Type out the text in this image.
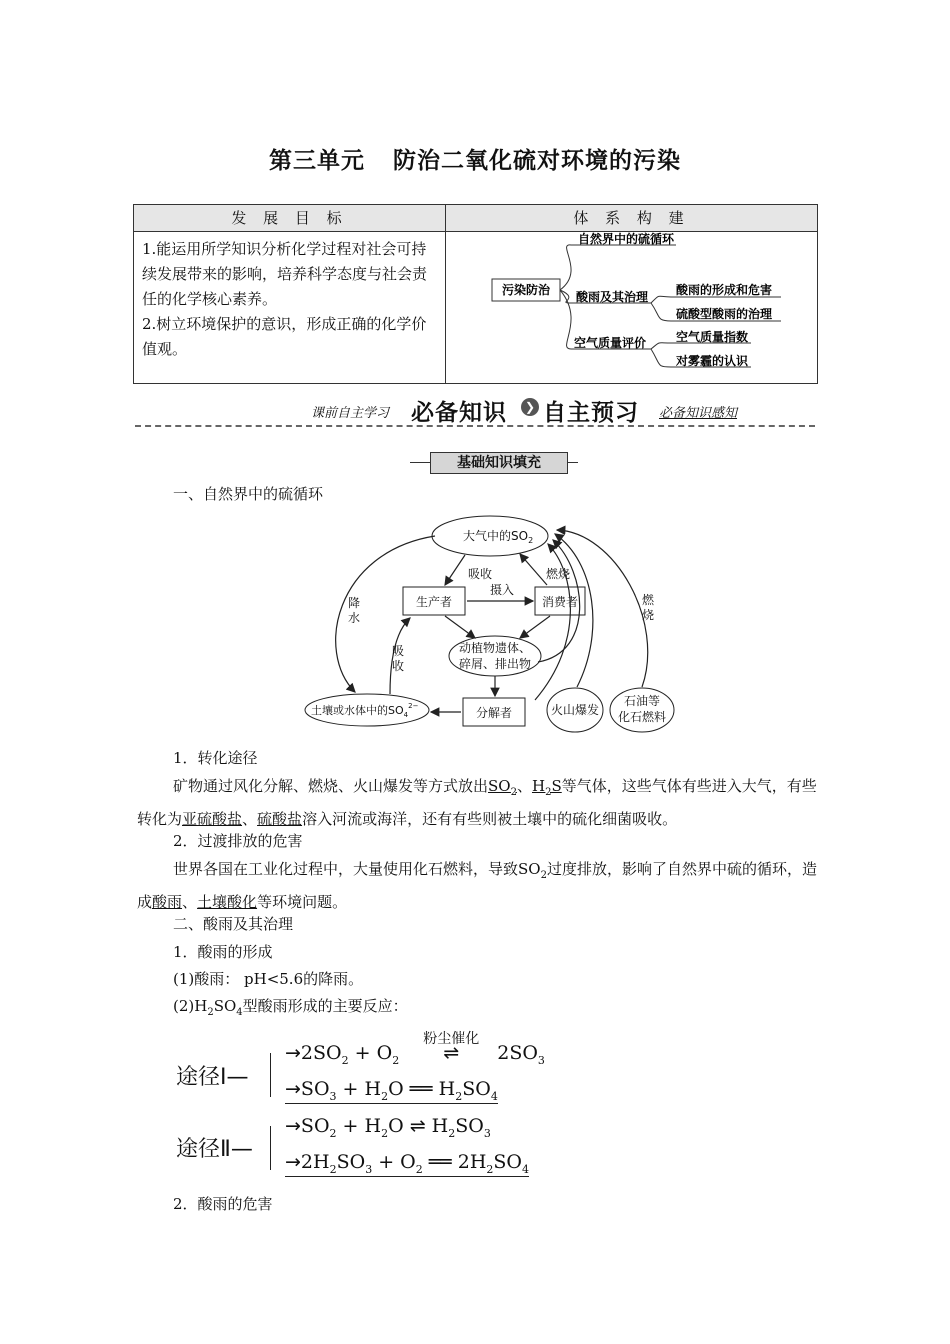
第三单元 防治二氧化硫对环境的污染
发 展 目 标	体 系 构 建

1.能运用所学知识分析化学过程对社会可持续发展带来的影响，培养科学态度与社会责任的化学核心素养。

2.树立环境保护的意识，形成正确的化学价值观。

污染防治
自然界中的硫循环
酸雨及其治理
空气质量评价
酸雨的形成和危害
硫酸型酸雨的治理
空气质量指数
对雾霾的认识
课前自主学习 必备知识	❯ 自主预习 必备知识感知
基础知识填充
一、自然界中的硫循环
大气中的$SO_2$
生产者	消费者
动植物遗体、
碎屑、排出物
分解者
土壤或水体中的$SO_4^{2-}$	火山爆发
石油等
化石燃料
吸收
摄入
燃烧
降
水
吸
收
燃
烧
1．转化途径
矿物通过风化分解、燃烧、火山爆发等方式放出$SO_2$、$H_2S$等气体，这些气体有些进入大气，有些转化为亚硫酸盐、硫酸盐溶入河流或海洋，还有有些则被土壤中的硫化细菌吸收。
2．过渡排放的危害
世界各国在工业化过程中，大量使用化石燃料，导致$SO_2$过度排放，影响了自然界中硫的循环，造成酸雨、土壤酸化等环境问题。
二、酸雨及其治理
1．酸雨的形成
(1)酸雨： pH<5.6的降雨。
$(2)H_2SO_4$型酸雨形成的主要反应：
途径Ⅰ—
$\to 2SO_2 + O_2$
粉尘催化
⇌ $2SO_3$
$\to SO_3 + H_2O$ ══ $H_2SO_4$
途径Ⅱ—
$\to SO_2 + H_2O$ ⇌ $H_2SO_3$
$\to 2H_2SO_3 + O_2$ ══ $2H_2SO_4$
2．酸雨的危害
